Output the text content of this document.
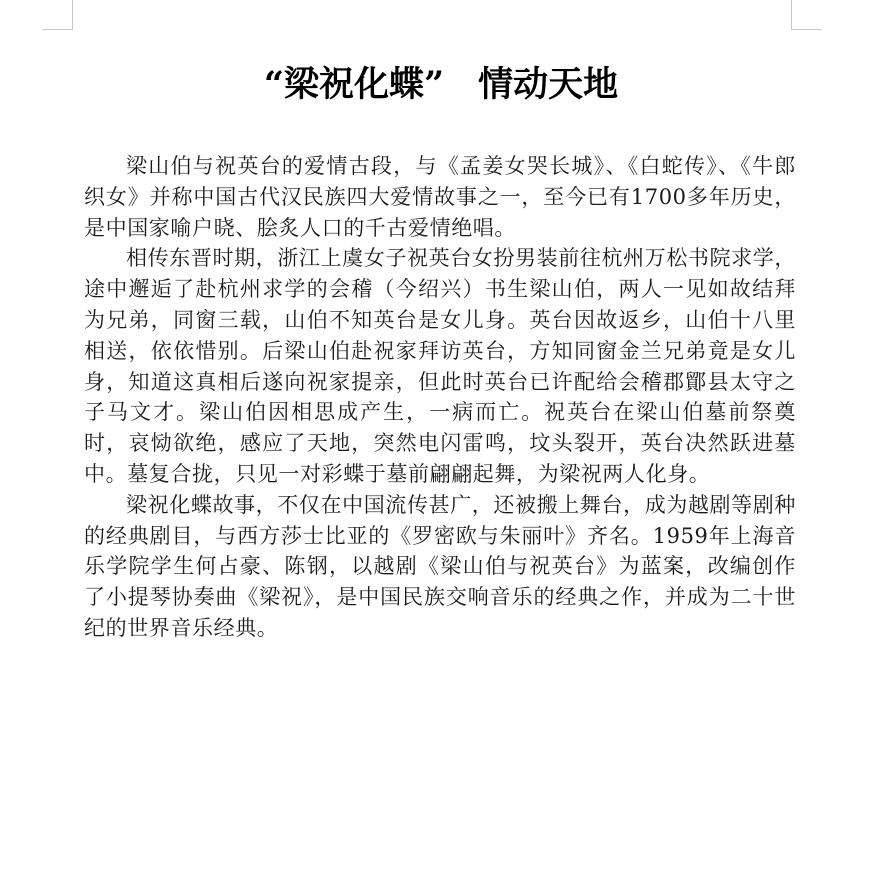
“梁祝化蝶” 情动天地

梁山伯与祝英台的爱情古段，与《孟姜女哭长城》、《白蛇传》、《牛郎织女》并称中国古代汉民族四大爱情故事之一，至今已有1700多年历史，是中国家喻户晓、脍炙人口的千古爱情绝唱。

相传东晋时期，浙江上虞女子祝英台女扮男装前往杭州万松书院求学，途中邂逅了赴杭州求学的会稽（今绍兴）书生梁山伯，两人一见如故结拜为兄弟，同窗三载，山伯不知英台是女儿身。英台因故返乡，山伯十八里相送，依依惜别。后梁山伯赴祝家拜访英台，方知同窗金兰兄弟竟是女儿身，知道这真相后遂向祝家提亲，但此时英台已许配给会稽郡鄮县太守之子马文才。梁山伯因相思成产生，一病而亡。祝英台在梁山伯墓前祭奠时，哀恸欲绝，感应了天地，突然电闪雷鸣，坟头裂开，英台决然跃进墓中。墓复合拢，只见一对彩蝶于墓前翩翩起舞，为梁祝两人化身。

梁祝化蝶故事，不仅在中国流传甚广，还被搬上舞台，成为越剧等剧种的经典剧目，与西方莎士比亚的《罗密欧与朱丽叶》齐名。1959年上海音乐学院学生何占豪、陈钢，以越剧《梁山伯与祝英台》为蓝案，改编创作了小提琴协奏曲《梁祝》，是中国民族交响音乐的经典之作，并成为二十世纪的世界音乐经典。
